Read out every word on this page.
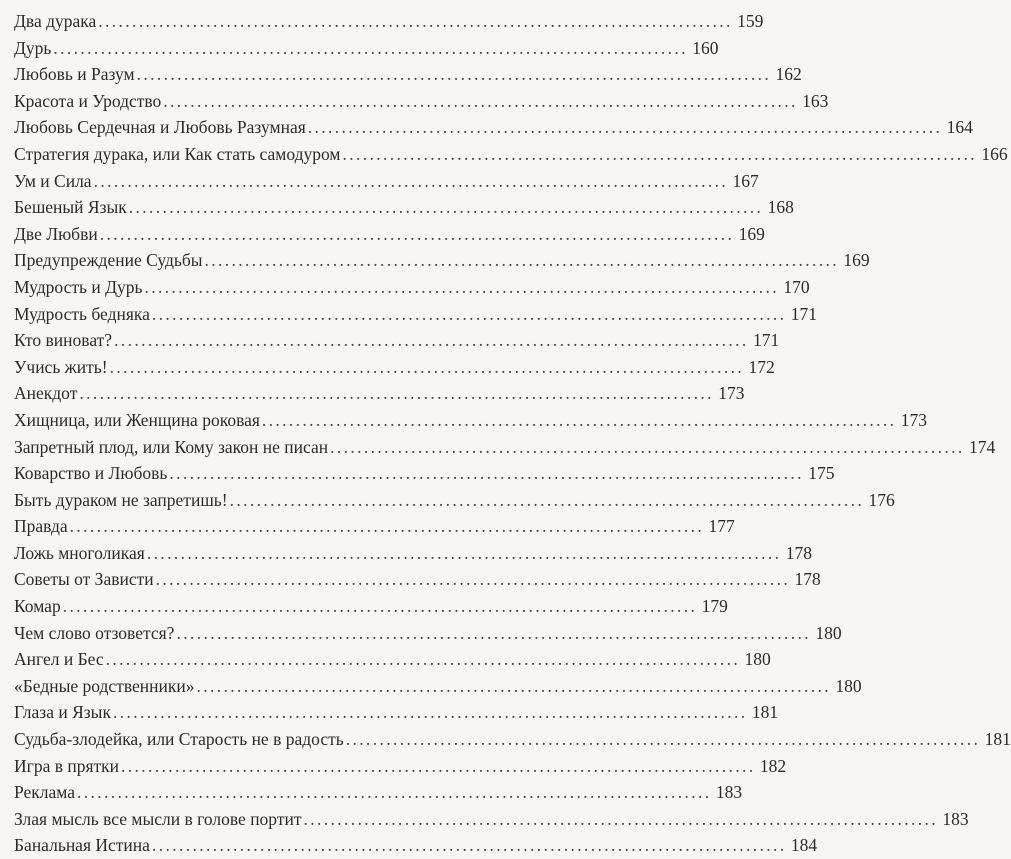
Два дурака . . .	159
Дурь . . .	160
Любовь и Разум . . .	162
Красота и Уродство . . .	163
Любовь Сердечная и Любовь Разумная . . .	164
Стратегия дурака, или Как стать самодуром . . .	166
Ум и Сила . . .	167
Бешеный Язык . . .	168
Две Любви . . .	169
Предупреждение Судьбы . . .	169
Мудрость и Дурь . . .	170
Мудрость бедняка . . .	171
Кто виноват? . . .	171
Учись жить! . . .	172
Анекдот . . .	173
Хищница, или Женщина роковая . . .	173
Запретный плод, или Кому закон не писан . . .	174
Коварство и Любовь . . .	175
Быть дураком не запретишь! . . .	176
Правда . . .	177
Ложь многоликая . . .	178
Советы от Зависти . . .	178
Комар . . .	179
Чем слово отзовется? . . .	180
Ангел и Бес . . .	180
«Бедные родственники» . . .	180
Глаза и Язык . . .	181
Судьба-злодейка, или Старость не в радость . . .	181
Игра в прятки . . .	182
Реклама . . .	183
Злая мысль все мысли в голове портит . . .	183
Банальная Истина . . .	184
